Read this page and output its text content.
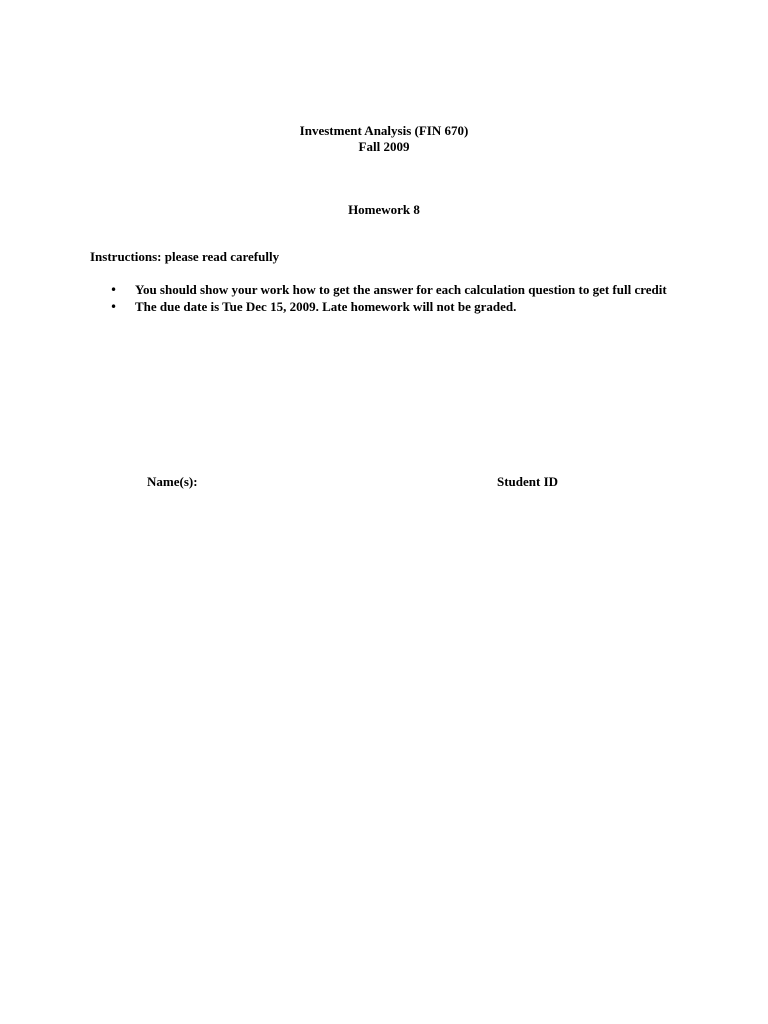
Investment Analysis (FIN 670)
Fall 2009
Homework 8
Instructions: please read carefully
• You should show your work how to get the answer for each calculation question to get full credit
• The due date is Tue Dec 15, 2009. Late homework will not be graded.
Name(s):	Student ID
